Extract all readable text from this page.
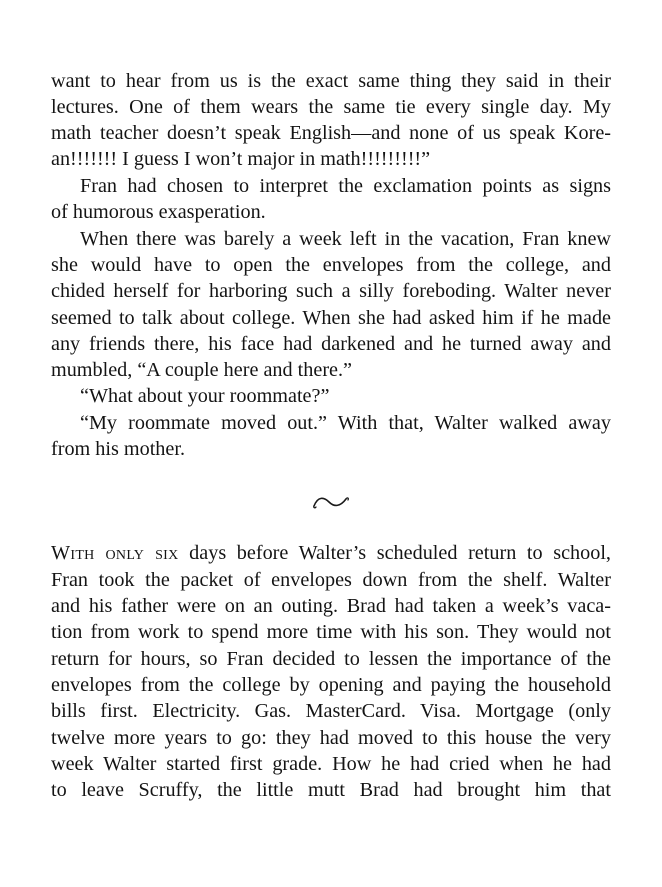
want to hear from us is the exact same thing they said in their
lectures. One of them wears the same tie every single day. My
math teacher doesn’t speak English—and none of us speak Kore-
an!!!!!!! I guess I won’t major in math!!!!!!!!!”
Fran had chosen to interpret the exclamation points as signs
of humorous exasperation.
When there was barely a week left in the vacation, Fran knew
she would have to open the envelopes from the college, and
chided herself for harboring such a silly foreboding. Walter never
seemed to talk about college. When she had asked him if he made
any friends there, his face had darkened and he turned away and
mumbled, “A couple here and there.”
“What about your roommate?”
“My roommate moved out.” With that, Walter walked away
from his mother.
With only six days before Walter’s scheduled return to school,
Fran took the packet of envelopes down from the shelf. Walter
and his father were on an outing. Brad had taken a week’s vaca-
tion from work to spend more time with his son. They would not
return for hours, so Fran decided to lessen the importance of the
envelopes from the college by opening and paying the household
bills first. Electricity. Gas. MasterCard. Visa. Mortgage (only
twelve more years to go: they had moved to this house the very
week Walter started first grade. How he had cried when he had
to leave Scruffy, the little mutt Brad had brought him that
